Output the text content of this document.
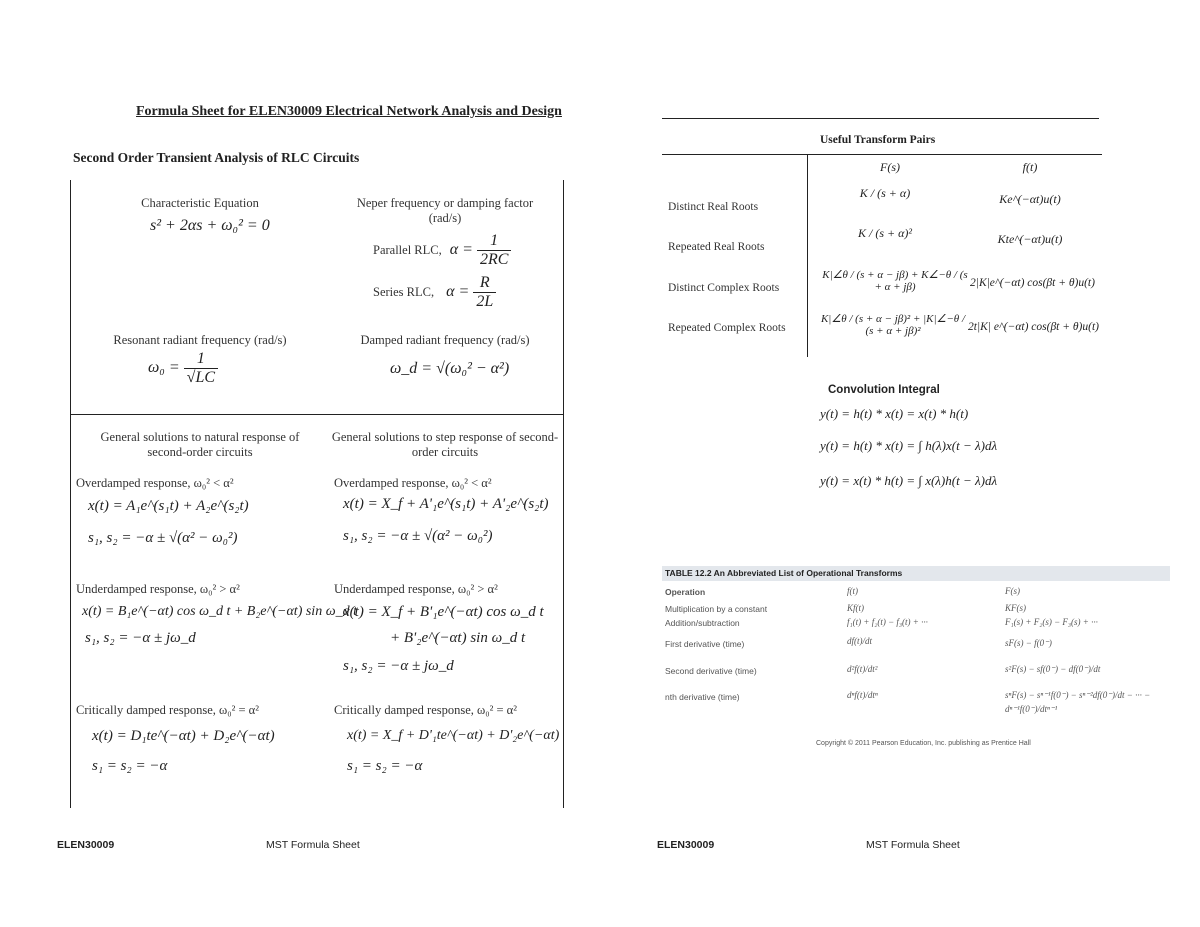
Formula Sheet for ELEN30009 Electrical Network Analysis and Design
Second Order Transient Analysis of RLC Circuits
Characteristic Equation
s² + 2αs + ω₀² = 0
Neper frequency or damping factor (rad/s)
Parallel RLC, $\alpha = \frac{1}{2RC}$
Series RLC, $\alpha = \frac{R}{2L}$
Resonant radiant frequency (rad/s)
$\omega_0 = \frac{1}{√LC}$
Damped radiant frequency (rad/s)
ω_d = √(ω₀² − α²)
General solutions to natural response of second-order circuits
General solutions to step response of second-order circuits
Overdamped response, ω₀² < α²
x(t) = A₁e^(s₁t) + A₂e^(s₂t)
s₁, s₂ = −α ± √(α² − ω₀²)
Overdamped response, ω₀² < α²
x(t) = X_f + A'₁e^(s₁t) + A'₂e^(s₂t)
s₁, s₂ = −α ± √(α² − ω₀²)
Underdamped response, ω₀² > α²
x(t) = B₁e^(−αt) cos ω_d t + B₂e^(−αt) sin ω_d t
s₁, s₂ = −α ± jω_d
Underdamped response, ω₀² > α²
x(t) = X_f + B'₁e^(−αt) cos ω_d t
+ B'₂e^(−αt) sin ω_d t
s₁, s₂ = −α ± jω_d
Critically damped response, ω₀² = α²
x(t) = D₁te^(−αt) + D₂e^(−αt)
s₁ = s₂ = −α
Critically damped response, ω₀² = α²
x(t) = X_f + D'₁te^(−αt) + D'₂e^(−αt)
s₁ = s₂ = −α
ELEN30009	MST Formula Sheet
Useful Transform Pairs
F(s)	f(t)
Distinct Real Roots
K / (s + α)	Ke^(−αt)u(t)
Repeated Real Roots
K / (s + α)²	Kte^(−αt)u(t)
Distinct Complex Roots
K|∠θ / (s + α − jβ) + K∠−θ / (s + α + jβ)	2|K|e^(−αt) cos(βt + θ)u(t)
Repeated Complex Roots
K|∠θ / (s + α − jβ)² + |K|∠−θ / (s + α + jβ)²	2t|K| e^(−αt) cos(βt + θ)u(t)
Convolution Integral
y(t) = h(t) * x(t) = x(t) * h(t)
y(t) = h(t) * x(t) = ∫ h(λ)x(t − λ)dλ
y(t) = x(t) * h(t) = ∫ x(λ)h(t − λ)dλ
TABLE 12.2 An Abbreviated List of Operational Transforms
Operation	f(t)	F(s)
Multiplication by a constant	Kf(t)	KF(s)
Addition/subtraction	f₁(t) + f₂(t) − f₃(t) + ···	F₁(s) + F₂(s) − F₃(s) + ···
First derivative (time)	df(t)/dt	sF(s) − f(0⁻)
Second derivative (time)	d²f(t)/dt²	s²F(s) − sf(0⁻) − df(0⁻)/dt
nth derivative (time)	dⁿf(t)/dtⁿ	sⁿF(s) − sⁿ⁻¹f(0⁻) − sⁿ⁻²df(0⁻)/dt − ··· − dⁿ⁻¹f(0⁻)/dtⁿ⁻¹
Copyright © 2011 Pearson Education, Inc. publishing as Prentice Hall
ELEN30009	MST Formula Sheet
